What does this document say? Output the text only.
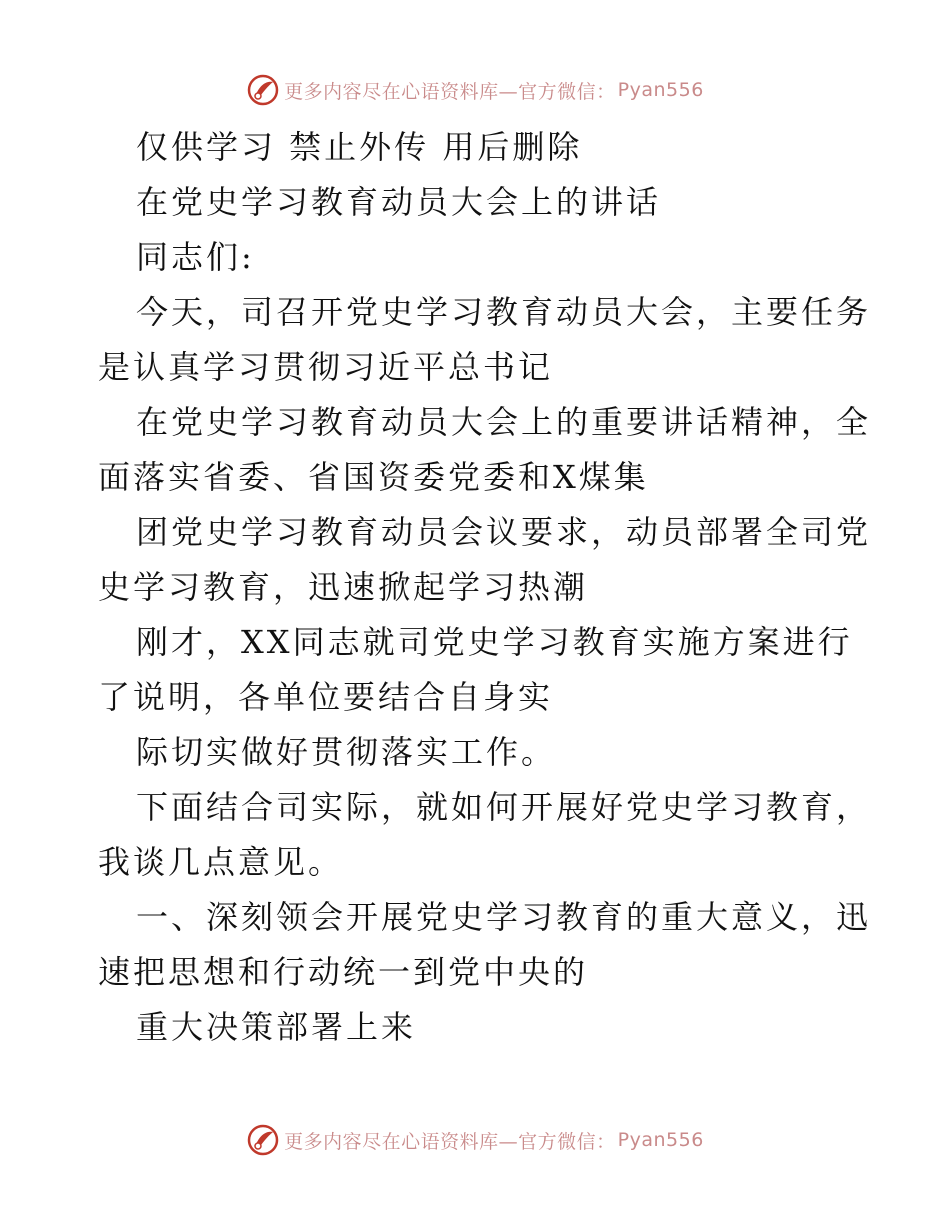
更多内容尽在心语资料库—官方微信： Pyan556
仅供学习 禁止外传 用后删除
在党史学习教育动员大会上的讲话
同志们:
今天，司召开党史学习教育动员大会，主要任务
是认真学习贯彻习近平总书记
在党史学习教育动员大会上的重要讲话精神，全
面落实省委、省国资委党委和X煤集
团党史学习教育动员会议要求，动员部署全司党
史学习教育，迅速掀起学习热潮
刚才，XX同志就司党史学习教育实施方案进行
了说明，各单位要结合自身实
际切实做好贯彻落实工作。
下面结合司实际，就如何开展好党史学习教育，
我谈几点意见。
一、深刻领会开展党史学习教育的重大意义，迅
速把思想和行动统一到党中央的
重大决策部署上来
更多内容尽在心语资料库—官方微信： Pyan556
